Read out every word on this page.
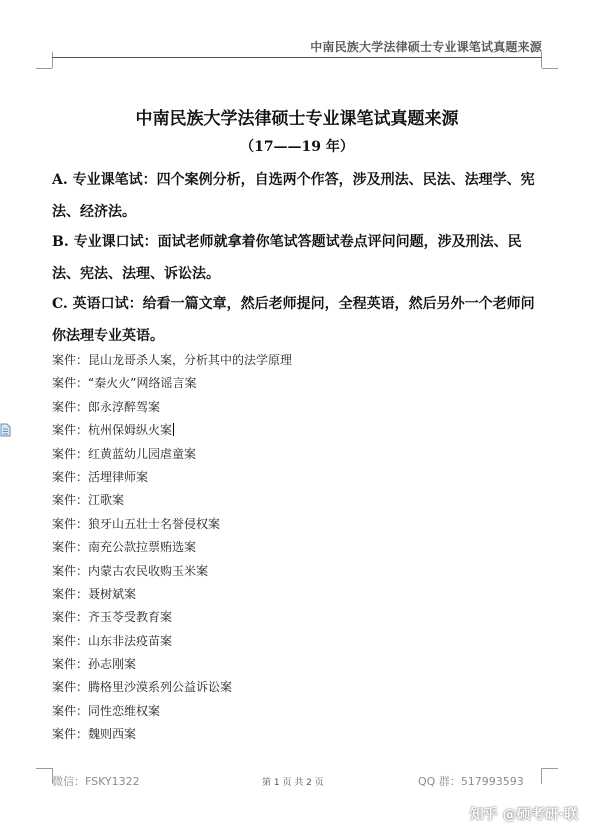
中南民族大学法律硕士专业课笔试真题来源
中南民族大学法律硕士专业课笔试真题来源
（17——19 年）
A. 专业课笔试：四个案例分析，自选两个作答，涉及刑法、民法、法理学、宪法、经济法。
B. 专业课口试：面试老师就拿着你笔试答题试卷点评问问题，涉及刑法、民法、宪法、法理、诉讼法。
C. 英语口试：给看一篇文章，然后老师提问，全程英语，然后另外一个老师问你法理专业英语。
案件：昆山龙哥杀人案，分析其中的法学原理
案件：“秦火火”网络谣言案
案件：郎永淳醉驾案
案件：杭州保姆纵火案
案件：红黄蓝幼儿园虐童案
案件：活埋律师案
案件：江歌案
案件：狼牙山五壮士名誉侵权案
案件：南充公款拉票贿选案
案件：内蒙古农民收购玉米案
案件：聂树斌案
案件：齐玉苓受教育案
案件：山东非法疫苗案
案件：孙志刚案
案件：腾格里沙漠系列公益诉讼案
案件：同性恋维权案
案件：魏则西案
微信：FSKY1322	第 1 页 共 2 页	QQ 群：517993593
知乎 @硕考研·联
